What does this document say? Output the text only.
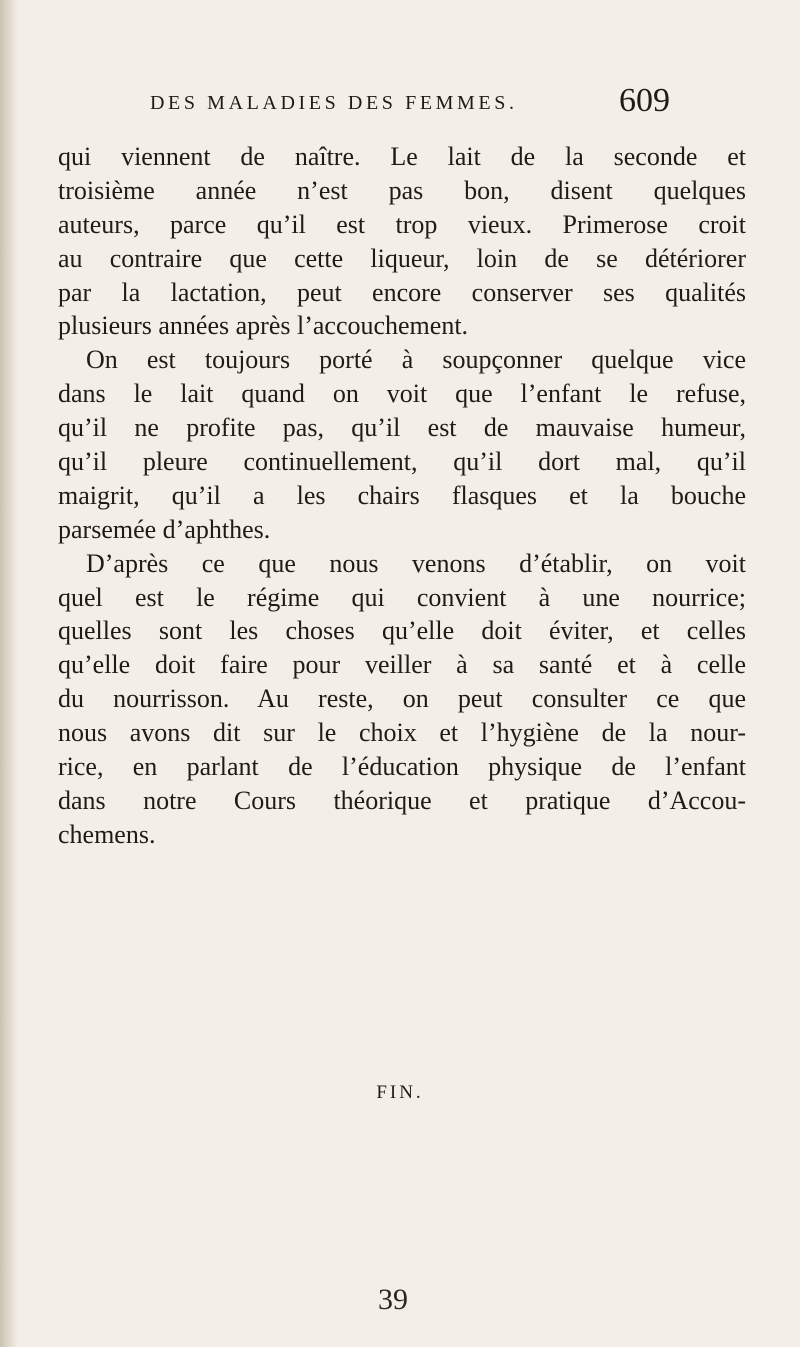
DES MALADIES DES FEMMES.	609
qui viennent de naître. Le lait de la seconde et
troisième année n’est pas bon, disent quelques
auteurs, parce qu’il est trop vieux. Primerose croit
au contraire que cette liqueur, loin de se détériorer
par la lactation, peut encore conserver ses qualités
plusieurs années après l’accouchement.
On est toujours porté à soupçonner quelque vice
dans le lait quand on voit que l’enfant le refuse,
qu’il ne profite pas, qu’il est de mauvaise humeur,
qu’il pleure continuellement, qu’il dort mal, qu’il
maigrit, qu’il a les chairs flasques et la bouche
parsemée d’aphthes.
D’après ce que nous venons d’établir, on voit
quel est le régime qui convient à une nourrice;
quelles sont les choses qu’elle doit éviter, et celles
qu’elle doit faire pour veiller à sa santé et à celle
du nourrisson. Au reste, on peut consulter ce que
nous avons dit sur le choix et l’hygiène de la nour-
rice, en parlant de l’éducation physique de l’enfant
dans notre Cours théorique et pratique d’Accou-
chemens.
FIN.
39
